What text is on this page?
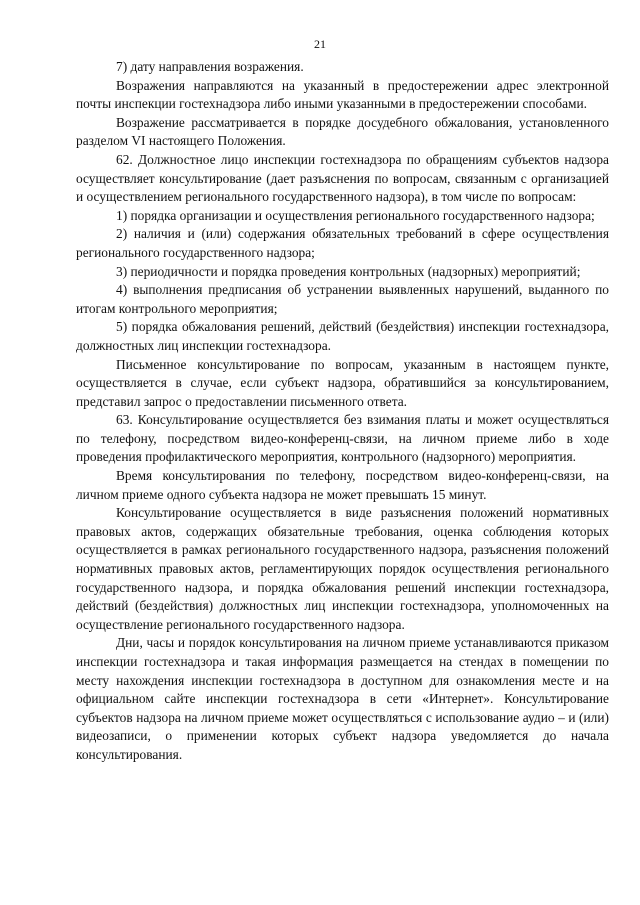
21

7) дату направления возражения.

Возражения направляются на указанный в предостережении адрес электронной почты инспекции гостехнадзора либо иными указанными в предостережении способами.

Возражение рассматривается в порядке досудебного обжалования, установленного разделом VI настоящего Положения.

62. Должностное лицо инспекции гостехнадзора по обращениям субъектов надзора осуществляет консультирование (дает разъяснения по вопросам, связанным с организацией и осуществлением регионального государственного надзора), в том числе по вопросам:

1) порядка организации и осуществления регионального государственного надзора;

2) наличия и (или) содержания обязательных требований в сфере осуществления регионального государственного надзора;

3) периодичности и порядка проведения контрольных (надзорных) мероприятий;

4) выполнения предписания об устранении выявленных нарушений, выданного по итогам контрольного мероприятия;

5) порядка обжалования решений, действий (бездействия) инспекции гостехнадзора, должностных лиц инспекции гостехнадзора.

Письменное консультирование по вопросам, указанным в настоящем пункте, осуществляется в случае, если субъект надзора, обратившийся за консультированием, представил запрос о предоставлении письменного ответа.

63. Консультирование осуществляется без взимания платы и может осуществляться по телефону, посредством видео-конференц-связи, на личном приеме либо в ходе проведения профилактического мероприятия, контрольного (надзорного) мероприятия.

Время консультирования по телефону, посредством видео-конференц-связи, на личном приеме одного субъекта надзора не может превышать 15 минут.

Консультирование осуществляется в виде разъяснения положений нормативных правовых актов, содержащих обязательные требования, оценка соблюдения которых осуществляется в рамках регионального государственного надзора, разъяснения положений нормативных правовых актов, регламентирующих порядок осуществления регионального государственного надзора, и порядка обжалования решений инспекции гостехнадзора, действий (бездействия) должностных лиц инспекции гостехнадзора, уполномоченных на осуществление регионального государственного надзора.

Дни, часы и порядок консультирования на личном приеме устанавливаются приказом инспекции гостехнадзора и такая информация размещается на стендах в помещении по месту нахождения инспекции гостехнадзора в доступном для ознакомления месте и на официальном сайте инспекции гостехнадзора в сети «Интернет». Консультирование субъектов надзора на личном приеме может осуществляться с использование аудио – и (или) видеозаписи, о применении которых субъект надзора уведомляется до начала консультирования.
